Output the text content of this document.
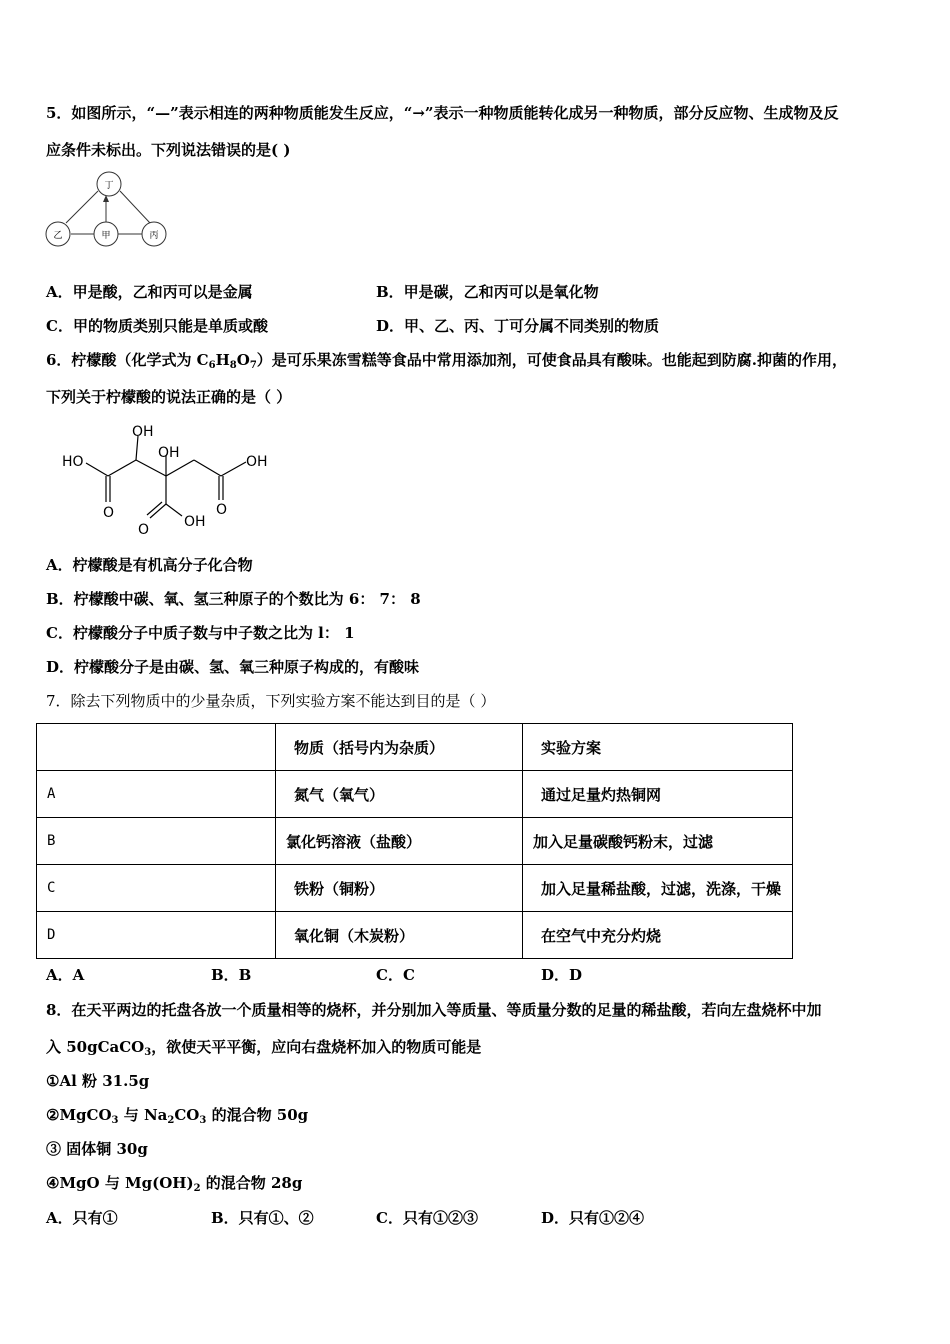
5．如图所示，“—”表示相连的两种物质能发生反应，“→”表示一种物质能转化成另一种物质，部分反应物、生成物及反
应条件未标出。下列说法错误的是( )
丁
乙	甲	丙
A．甲是酸，乙和丙可以是金属	B．甲是碳，乙和丙可以是氧化物
C．甲的物质类别只能是单质或酸	D．甲、乙、丙、丁可分属不同类别的物质
6．柠檬酸（化学式为 $C_6H_8O_7$）是可乐果冻雪糕等食品中常用添加剂，可使食品具有酸味。也能起到防腐.抑菌的作用，
下列关于柠檬酸的说法正确的是（ ）
OH
OH
HO	OH
O
O OH
O
A．柠檬酸是有机高分子化合物
B．柠檬酸中碳、氧、氢三种原子的个数比为 6： 7： 8
C．柠檬酸分子中质子数与中子数之比为 l： 1
D．柠檬酸分子是由碳、氢、氧三种原子构成的，有酸味
7．除去下列物质中的少量杂质，下列实验方案不能达到目的是（ ）
	物质（括号内为杂质）	实验方案
A	氮气（氧气）	通过足量灼热铜网
B	氯化钙溶液（盐酸）	加入足量碳酸钙粉末，过滤
C	铁粉（铜粉）	加入足量稀盐酸，过滤，洗涤，干燥
D	氧化铜（木炭粉）	在空气中充分灼烧
A．A	B．B	C．C	D．D
8．在天平两边的托盘各放一个质量相等的烧杯，并分别加入等质量、等质量分数的足量的稀盐酸，若向左盘烧杯中加
入 50gCaCO$_3$，欲使天平平衡，应向右盘烧杯加入的物质可能是
①Al 粉 31.5g
②MgCO$_3$ 与 $Na_2CO_3$ 的混合物 50g
③ 固体铜 30g
④MgO 与 $Mg(OH)_2$ 的混合物 28g
A．只有①	B．只有①、②	C．只有①②③	D．只有①②④
